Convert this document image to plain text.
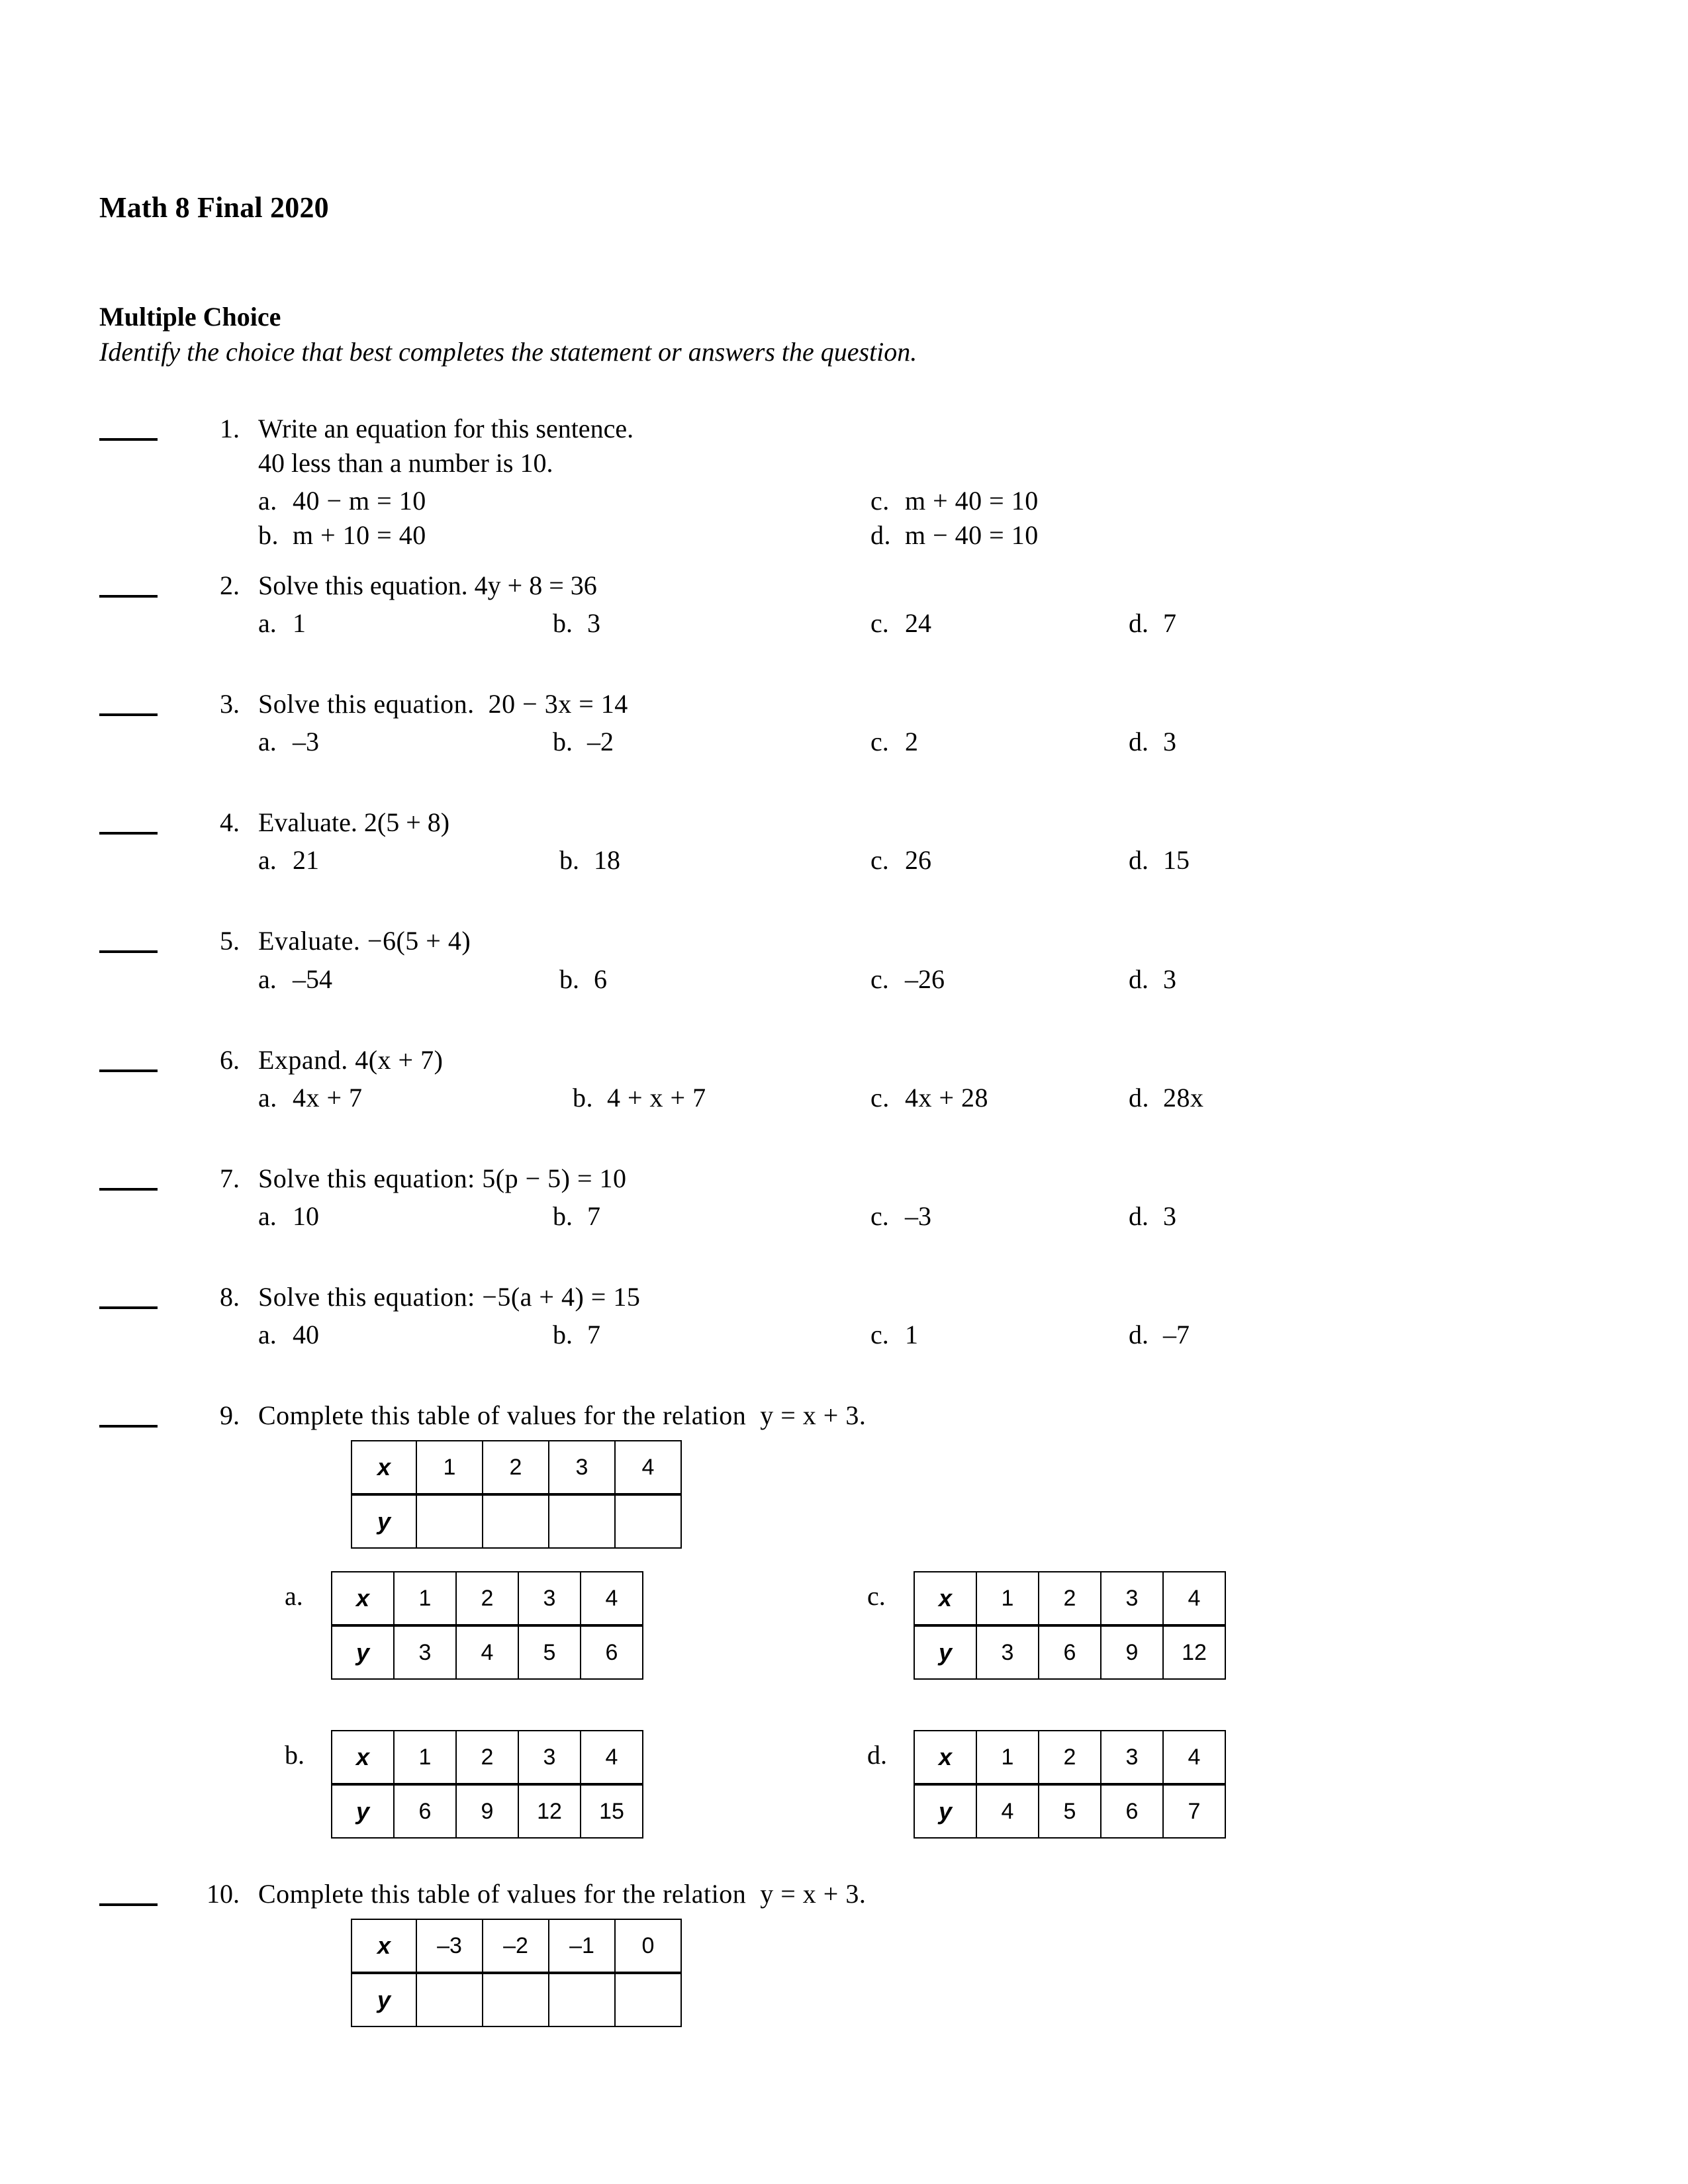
Math 8 Final 2020
Multiple Choice
Identify the choice that best completes the statement or answers the question.
1. Write an equation for this sentence.
40 less than a number is 10.
a. 40 − m = 10
b. m + 10 = 40
c. m + 40 = 10
d. m − 40 = 10
2. Solve this equation. 4y + 8 = 36
a. 1	b. 3	c. 24	d. 7
3. Solve this equation.  20 − 3x = 14
a. –3	b. –2	c. 2	d. 3
4. Evaluate. 2(5 + 8)
a. 21	b. 18	c. 26	d. 15
5. Evaluate. −6(5 + 4)
a. –54	b. 6	c. –26	d. 3
6. Expand. 4(x + 7)
a. 4x + 7	b. 4 + x + 7	c. 4x + 28	d. 28x
7. Solve this equation: 5(p − 5) = 10
a. 10	b. 7	c. –3	d. 3
8. Solve this equation: −5(a + 4) = 15
a. 40	b. 7	c. 1	d. –7
9. Complete this table of values for the relation  y = x + 3.
x	1	2	3	4
y				
a. x	1	2	3	4
y	3	4	5	6
b. x	1	2	3	4
y	6	9	12	15
c. x	1	2	3	4
y	3	6	9	12
d. x	1	2	3	4
y	4	5	6	7
10. Complete this table of values for the relation  y = x + 3.
x	–3	–2	–1	0
y				
